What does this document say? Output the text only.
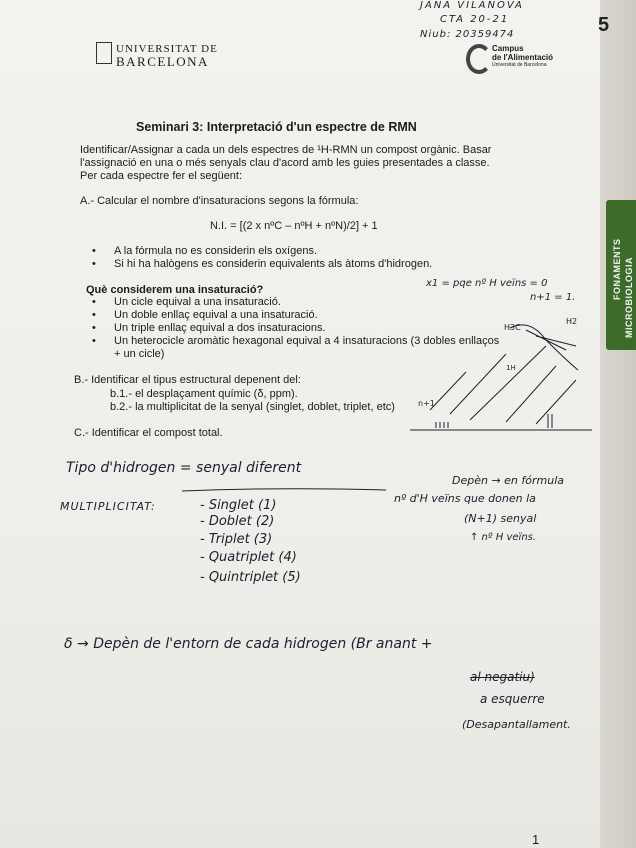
5
FONAMENTS MICROBIOLOGIA
JANA VILANOVA
CTA 20-21
Niub: 20359474
UNIVERSITAT DE
BARCELONA
Campus
de l'Alimentació
Universitat de Barcelona
Seminari 3: Interpretació d'un espectre de RMN
Identificar/Assignar a cada un dels espectres de ¹H-RMN un compost orgànic. Basar
l'assignació en una o més senyals clau d'acord amb les guies presentades a classe.
Per cada espectre fer el següent:
A.- Calcular el nombre d'insaturacions segons la fórmula:
N.I. = [(2 x nºC – nºH + nºN)/2] + 1
• A la fórmula no es considerin els oxígens.
• Si hi ha halògens es considerin equivalents als àtoms d'hidrogen.
Què considerem una insaturació?
• Un cicle equival a una insaturació.
• Un doble enllaç equival a una insaturació.
• Un triple enllaç equival a dos insaturacions.
• Un heterocicle aromàtic hexagonal equival a 4 insaturacions (3 dobles enllaços
+ un cicle)
B.- Identificar el tipus estructural depenent del:
b.1.- el desplaçament químic (δ, ppm).
b.2.- la multiplicitat de la senyal (singlet, doblet, triplet, etc)
C.- Identificar el compost total.
x1 = pqe nº H veïns = 0
n+1 = 1.
H3C
H2
n+1
1H
Tipo d'hidrogen = senyal diferent
MULTIPLICITAT:	- Singlet (1)
- Doblet (2)
- Triplet (3)
- Quatriplet (4)
- Quintriplet (5)
Depèn → en fórmula
nº d'H veïns que donen la
(N+1) senyal
↑ nº H veïns.
δ → Depèn de l'entorn de cada hidrogen (Br anant +
al negatiu)
a esquerre
(Desapantallament.
1
